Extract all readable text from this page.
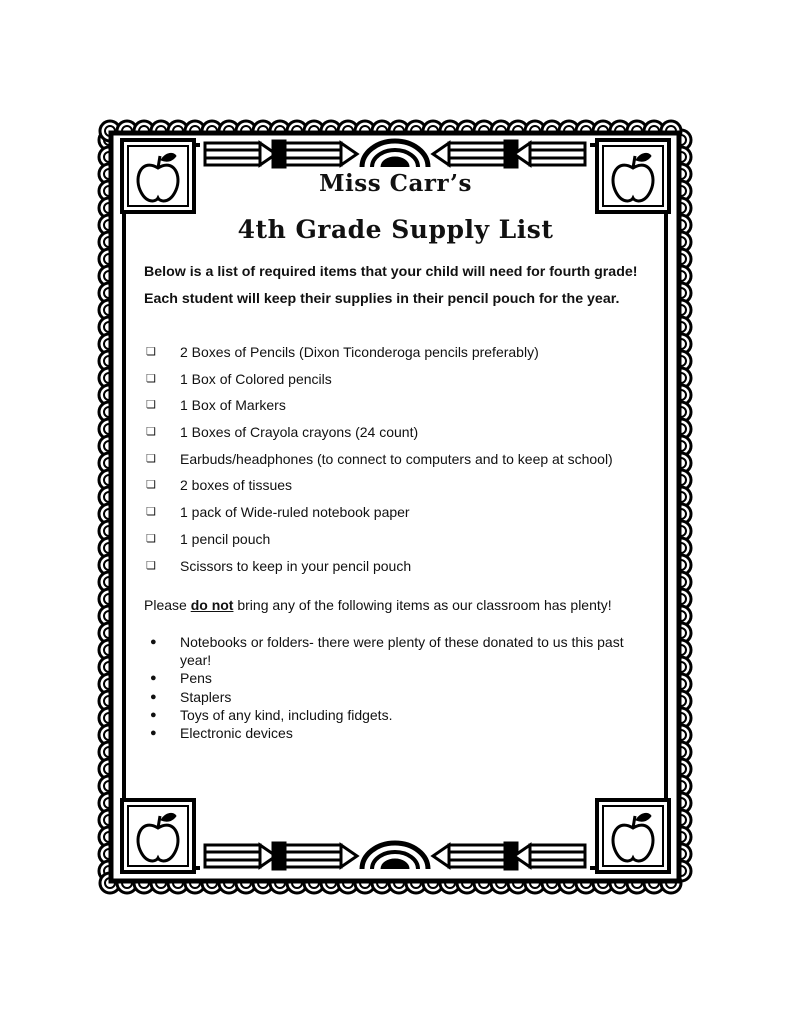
Miss Carr’s
4th Grade Supply List
Below is a list of required items that your child will need for fourth grade! Each student will keep their supplies in their pencil pouch for the year.
❏ 2 Boxes of Pencils (Dixon Ticonderoga pencils preferably)
❏ 1 Box of Colored pencils
❏ 1 Box of Markers
❏ 1 Boxes of Crayola crayons (24 count)
❏ Earbuds/headphones (to connect to computers and to keep at school)
❏ 2 boxes of tissues
❏ 1 pack of Wide-ruled notebook paper
❏ 1 pencil pouch
❏ Scissors to keep in your pencil pouch
Please do not bring any of the following items as our classroom has plenty!
● Notebooks or folders- there were plenty of these donated to us this past year!
● Pens
● Staplers
● Toys of any kind, including fidgets.
● Electronic devices
